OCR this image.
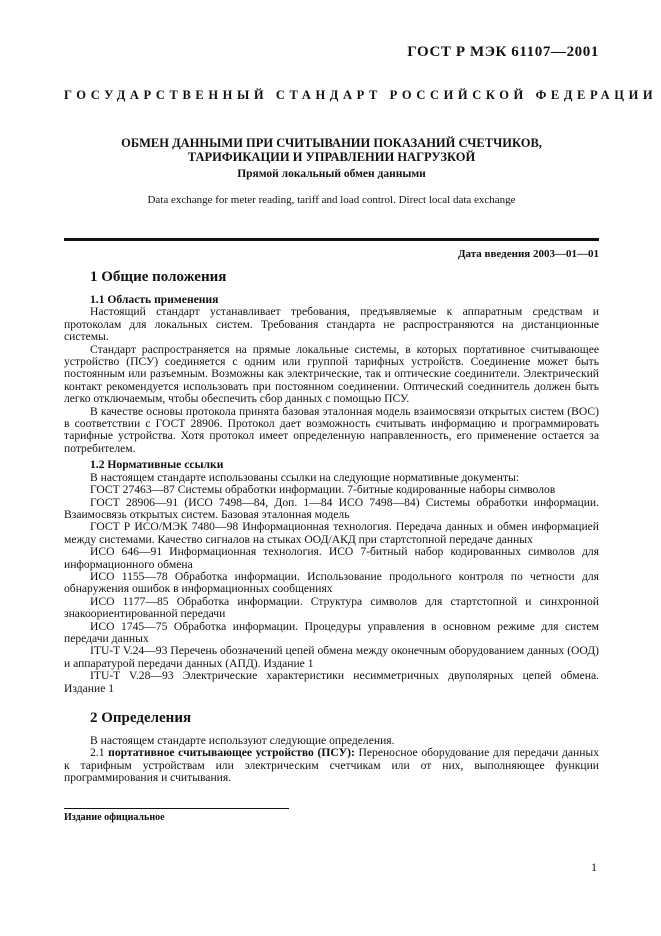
ГОСТ Р МЭК 61107—2001
ГОСУДАРСТВЕННЫЙ СТАНДАРТ РОССИЙСКОЙ ФЕДЕРАЦИИ
ОБМЕН ДАННЫМИ ПРИ СЧИТЫВАНИИ ПОКАЗАНИЙ СЧЕТЧИКОВ,
ТАРИФИКАЦИИ И УПРАВЛЕНИИ НАГРУЗКОЙ
Прямой локальный обмен данными
Data exchange for meter reading, tariff and load control. Direct local data exchange
Дата введения 2003—01—01

1 Общие положения

1.1 Область применения

Настоящий стандарт устанавливает требования, предъявляемые к аппаратным средствам и протоколам для локальных систем. Требования стандарта не распространяются на дистанционные системы.

Стандарт распространяется на прямые локальные системы, в которых портативное считывающее устройство (ПСУ) соединяется с одним или группой тарифных устройств. Соединение может быть постоянным или разъемным. Возможны как электрические, так и оптические соединители. Электрический контакт рекомендуется использовать при постоянном соединении. Оптический соединитель должен быть легко отключаемым, чтобы обеспечить сбор данных с помощью ПСУ.

В качестве основы протокола принята базовая эталонная модель взаимосвязи открытых систем (ВОС) в соответствии с ГОСТ 28906. Протокол дает возможность считывать информацию и программировать тарифные устройства. Хотя протокол имеет определенную направленность, его применение остается за потребителем.

1.2 Нормативные ссылки

В настоящем стандарте использованы ссылки на следующие нормативные документы:

ГОСТ 27463—87 Системы обработки информации. 7-битные кодированные наборы символов

ГОСТ 28906—91 (ИСО 7498—84, Доп. 1—84 ИСО 7498—84) Системы обработки информации. Взаимосвязь открытых систем. Базовая эталонная модель

ГОСТ Р ИСО/МЭК 7480—98 Информационная технология. Передача данных и обмен информацией между системами. Качество сигналов на стыках ООД/АКД при стартстопной передаче данных

ИСО 646—91 Информационная технология. ИСО 7-битный набор кодированных символов для информационного обмена

ИСО 1155—78 Обработка информации. Использование продольного контроля по четности для обнаружения ошибок в информационных сообщениях

ИСО 1177—85 Обработка информации. Структура символов для стартстопной и синхронной знакоориентированной передачи

ИСО 1745—75 Обработка информации. Процедуры управления в основном режиме для систем передачи данных

ITU-T V.24—93 Перечень обозначений цепей обмена между оконечным оборудованием данных (ООД) и аппаратурой передачи данных (АПД). Издание 1

ITU-T V.28—93 Электрические характеристики несимметричных двуполярных цепей обмена. Издание 1

2 Определения

В настоящем стандарте используют следующие определения.

2.1 портативное считывающее устройство (ПСУ): Переносное оборудование для передачи данных к тарифным устройствам или электрическим счетчикам или от них, выполняющее функции программирования и считывания.

Издание официальное
1
